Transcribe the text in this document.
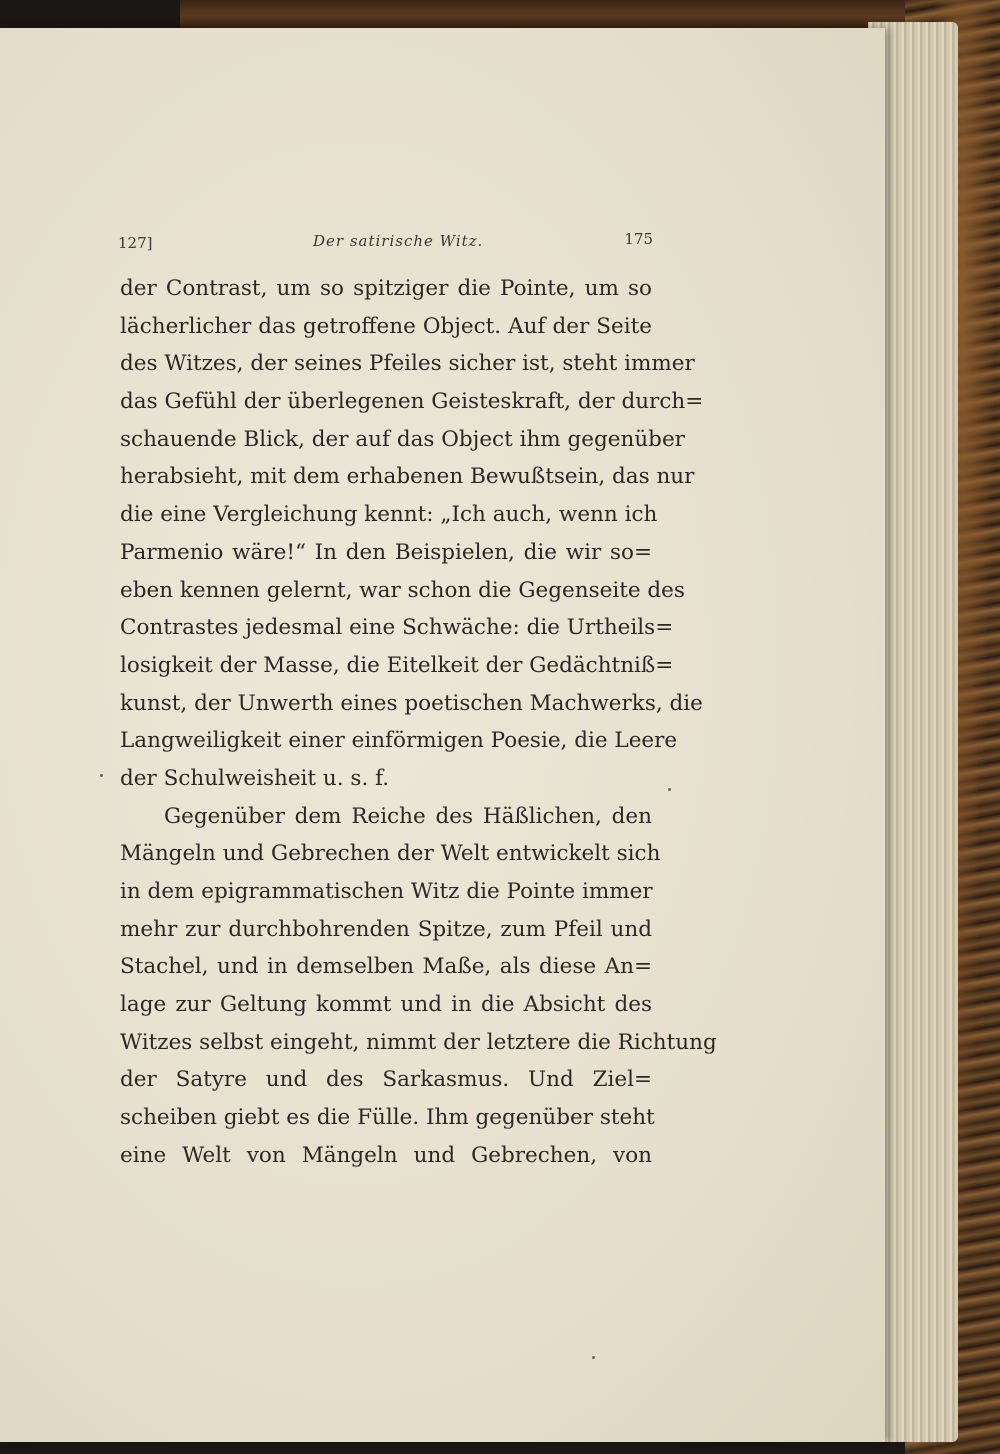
127]	Der satirische Witz.	175
der Contrast, um so spitziger die Pointe, um so
lächerlicher das getroffene Object. Auf der Seite
des Witzes, der seines Pfeiles sicher ist, steht immer
das Gefühl der überlegenen Geisteskraft, der durch=
schauende Blick, der auf das Object ihm gegenüber
herabsieht, mit dem erhabenen Bewußtsein, das nur
die eine Vergleichung kennt: „Ich auch, wenn ich
Parmenio wäre!“ In den Beispielen, die wir so=
eben kennen gelernt, war schon die Gegenseite des
Contrastes jedesmal eine Schwäche: die Urtheils=
losigkeit der Masse, die Eitelkeit der Gedächtniß=
kunst, der Unwerth eines poetischen Machwerks, die
Langweiligkeit einer einförmigen Poesie, die Leere
der Schulweisheit u. s. f.
Gegenüber dem Reiche des Häßlichen, den
Mängeln und Gebrechen der Welt entwickelt sich
in dem epigrammatischen Witz die Pointe immer
mehr zur durchbohrenden Spitze, zum Pfeil und
Stachel, und in demselben Maße, als diese An=
lage zur Geltung kommt und in die Absicht des
Witzes selbst eingeht, nimmt der letztere die Richtung
der Satyre und des Sarkasmus. Und Ziel=
scheiben giebt es die Fülle. Ihm gegenüber steht
eine Welt von Mängeln und Gebrechen, von
